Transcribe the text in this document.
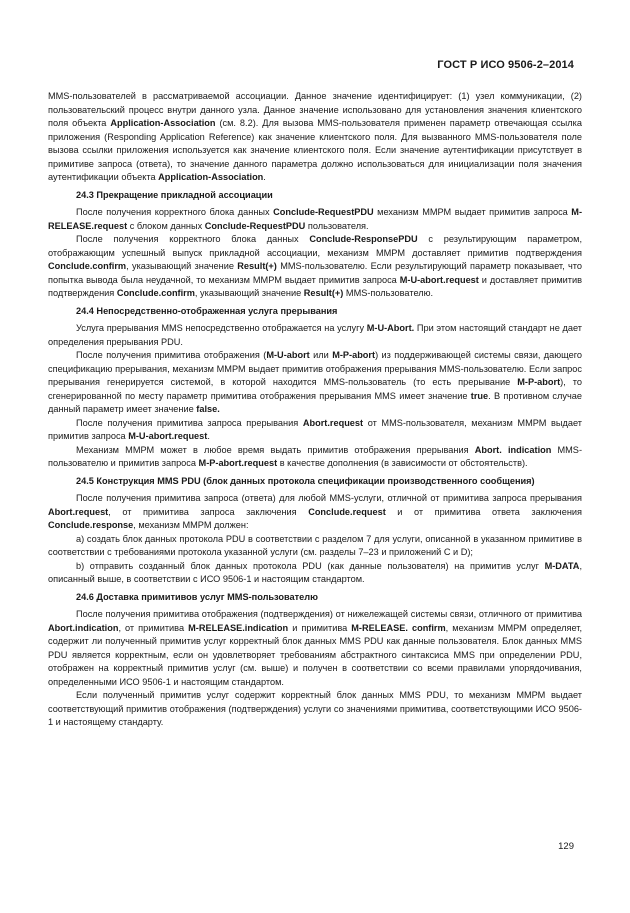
ГОСТ Р ИСО 9506-2–2014

MMS-пользователей в рассматриваемой ассоциации. Данное значение идентифицирует: (1) узел коммуникации, (2) пользовательский процесс внутри данного узла. Данное значение использовано для установления значения клиентского поля объекта Application-Association (см. 8.2). Для вызова MMS-пользователя применен параметр отвечающая ссылка приложения (Responding Application Reference) как значение клиентского поля. Для вызванного MMS-пользователя поле вызова ссылки приложения используется как значение клиентского поля. Если значение аутентификации присутствует в примитиве запроса (ответа), то значение данного параметра должно использоваться для инициализации поля значения аутентификации объекта Application-Association.

24.3 Прекращение прикладной ассоциации

После получения корректного блока данных Conclude-RequestPDU механизм ММРМ выдает примитив запроса M-RELEASE.request с блоком данных Conclude-RequestPDU пользователя.

После получения корректного блока данных Conclude-ResponsePDU с результирующим параметром, отображающим успешный выпуск прикладной ассоциации, механизм ММРМ доставляет примитив подтверждения Conclude.confirm, указывающий значение Result(+) MMS-пользователю. Если результирующий параметр показывает, что попытка вывода была неудачной, то механизм ММРМ выдает примитив запроса M-U-abort.request и доставляет примитив подтверждения Conclude.confirm, указывающий значение Result(+) MMS-пользователю.

24.4 Непосредственно-отображенная услуга прерывания

Услуга прерывания MMS непосредственно отображается на услугу M-U-Abort. При этом настоящий стандарт не дает определения прерывания PDU.

После получения примитива отображения (M-U-abort или M-P-abort) из поддерживающей системы связи, дающего спецификацию прерывания, механизм ММРМ выдает примитив отображения прерывания MMS-пользователю. Если запрос прерывания генерируется системой, в которой находится MMS-пользователь (то есть прерывание M-P-abort), то сгенерированной по месту параметр примитива отображения прерывания MMS имеет значение true. В противном случае данный параметр имеет значение false.

После получения примитива запроса прерывания Abort.request от MMS-пользователя, механизм ММРМ выдает примитив запроса M-U-abort.request.

Механизм ММРМ может в любое время выдать примитив отображения прерывания Abort. indication MMS-пользователю и примитив запроса M-P-abort.request в качестве дополнения (в зависимости от обстоятельств).

24.5 Конструкция MMS PDU (блок данных протокола спецификации производственного сообщения)

После получения примитива запроса (ответа) для любой MMS-услуги, отличной от примитива запроса прерывания Abort.request, от примитива запроса заключения Conclude.request и от примитива ответа заключения Conclude.response, механизм ММРМ должен:

а) создать блок данных протокола PDU в соответствии с разделом 7 для услуги, описанной в указанном примитиве в соответствии с требованиями протокола указанной услуги (см. разделы 7–23 и приложений С и D);

b) отправить созданный блок данных протокола PDU (как данные пользователя) на примитив услуг M-DATA, описанный выше, в соответствии с ИСО 9506-1 и настоящим стандартом.

24.6 Доставка примитивов услуг MMS-пользователю

После получения примитива отображения (подтверждения) от нижележащей системы связи, отличного от примитива Abort.indication, от примитива M-RELEASE.indication и примитива M-RELEASE. confirm, механизм ММРМ определяет, содержит ли полученный примитив услуг корректный блок данных MMS PDU как данные пользователя. Блок данных MMS PDU является корректным, если он удовлетворяет требованиям абстрактного синтаксиса MMS при определении PDU, отображен на корректный примитив услуг (см. выше) и получен в соответствии со всеми правилами упорядочивания, определенными ИСО 9506-1 и настоящим стандартом.

Если полученный примитив услуг содержит корректный блок данных MMS PDU, то механизм ММРМ выдает соответствующий примитив отображения (подтверждения) услуги со значениями примитива, соответствующими ИСО 9506-1 и настоящему стандарту.

129
